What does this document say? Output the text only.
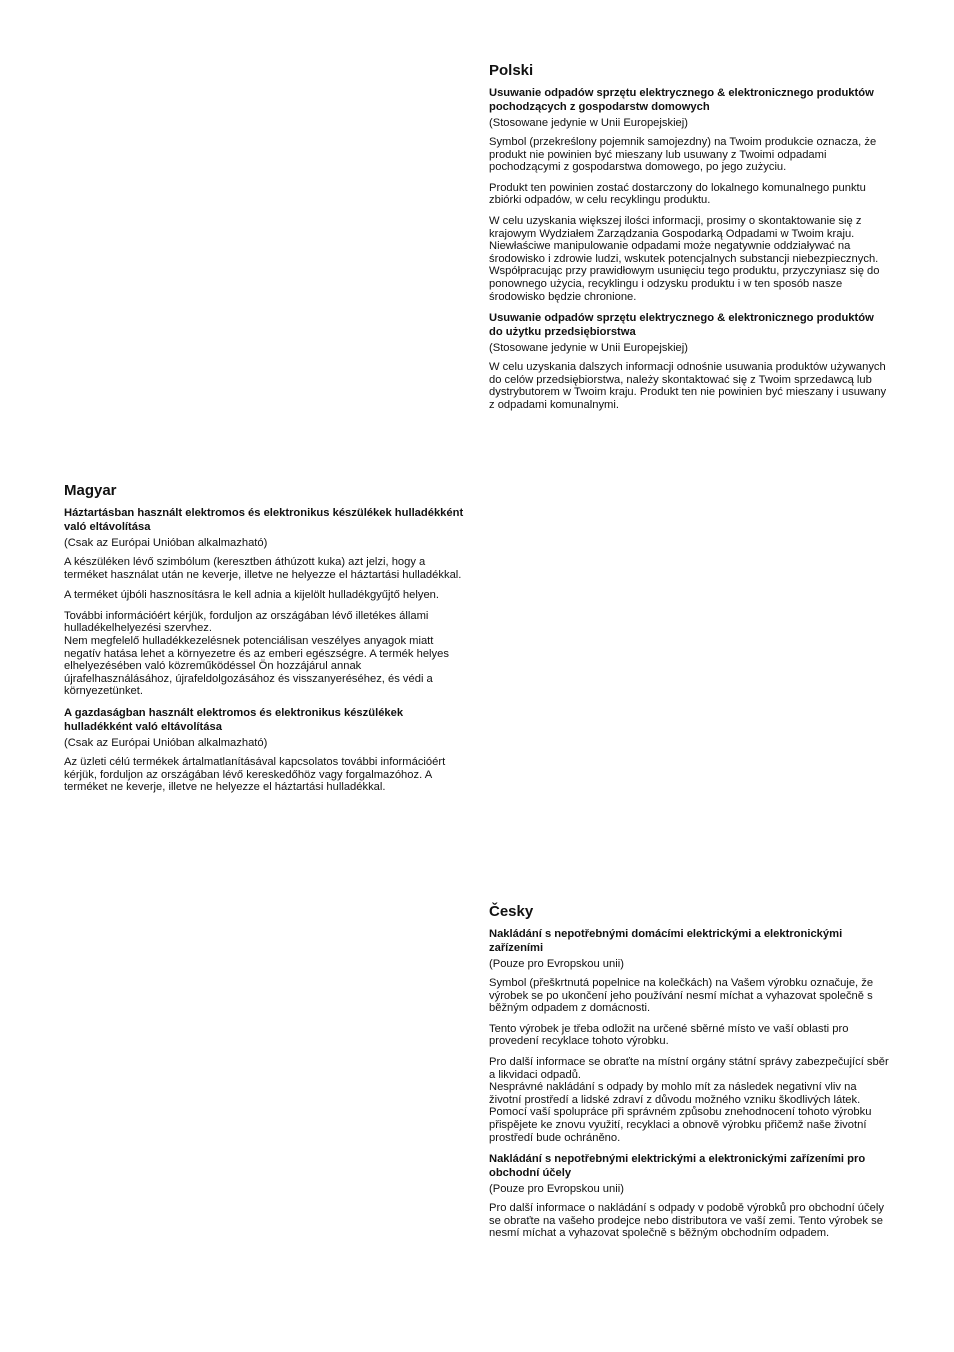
Polski
Usuwanie odpadów sprzętu elektrycznego & elektronicznego produktów pochodzących z gospodarstw domowych
(Stosowane jedynie w Unii Europejskiej)
Symbol (przekreślony pojemnik samojezdny) na Twoim produkcie oznacza, że produkt nie powinien być mieszany lub usuwany z Twoimi odpadami pochodzącymi z gospodarstwa domowego, po jego zużyciu.
Produkt ten powinien zostać dostarczony do lokalnego komunalnego punktu zbiórki odpadów, w celu recyklingu produktu.
W celu uzyskania większej ilości informacji, prosimy o skontaktowanie się z krajowym Wydziałem Zarządzania Gospodarką Odpadami w Twoim kraju. Niewłaściwe manipulowanie odpadami może negatywnie oddziaływać na środowisko i zdrowie ludzi, wskutek potencjalnych substancji niebezpiecznych.
Współpracując przy prawidłowym usunięciu tego produktu, przyczyniasz się do ponownego użycia, recyklingu i odzysku produktu i w ten sposób nasze środowisko będzie chronione.
Usuwanie odpadów sprzętu elektrycznego & elektronicznego produktów do użytku przedsiębiorstwa
(Stosowane jedynie w Unii Europejskiej)
W celu uzyskania dalszych informacji odnośnie usuwania produktów używanych do celów przedsiębiorstwa, należy skontaktować się z Twoim sprzedawcą lub dystrybutorem w Twoim kraju. Produkt ten nie powinien być mieszany i usuwany z odpadami komunalnymi.
Magyar
Háztartásban használt elektromos és elektronikus készülékek hulladékként való eltávolítása
(Csak az Európai Unióban alkalmazható)
A készüléken lévő szimbólum (keresztben áthúzott kuka) azt jelzi, hogy a terméket használat után ne keverje, illetve ne helyezze el háztartási hulladékkal.
A terméket újbóli hasznosításra le kell adnia a kijelölt hulladékgyűjtő helyen.
További információért kérjük, forduljon az országában lévő illetékes állami hulladékelhelyezési szervhez.
Nem megfelelő hulladékkezelésnek potenciálisan veszélyes anyagok miatt negatív hatása lehet a környezetre és az emberi egészségre. A termék helyes elhelyezésében való közreműködéssel Ön hozzájárul annak újrafelhasználásához, újrafeldolgozásához és visszanyeréséhez, és védi a környezetünket.
A gazdaságban használt elektromos és elektronikus készülékek hulladékként való eltávolítása
(Csak az Európai Unióban alkalmazható)
Az üzleti célú termékek ártalmatlanításával kapcsolatos további információért kérjük, forduljon az országában lévő kereskedőhöz vagy forgalmazóhoz. A terméket ne keverje, illetve ne helyezze el háztartási hulladékkal.
Česky
Nakládání s nepotřebnými domácími elektrickými a elektronickými zařízeními
(Pouze pro Evropskou unii)
Symbol (přeškrtnutá popelnice na kolečkách) na Vašem výrobku označuje, že výrobek se po ukončení jeho používání nesmí míchat a vyhazovat společně s běžným odpadem z domácnosti.
Tento výrobek je třeba odložit na určené sběrné místo ve vaší oblasti pro provedení recyklace tohoto výrobku.
Pro další informace se obraťte na místní orgány státní správy zabezpečující sběr a likvidaci odpadů.
Nesprávné nakládání s odpady by mohlo mít za následek negativní vliv na životní prostředí a lidské zdraví z důvodu možného vzniku škodlivých látek. Pomocí vaší spolupráce při správném způsobu znehodnocení tohoto výrobku přispějete ke znovu využití, recyklaci a obnově výrobku přičemž naše životní prostředí bude ochráněno.
Nakládání s nepotřebnými elektrickými a elektronickými zařízeními pro obchodní účely
(Pouze pro Evropskou unii)
Pro další informace o nakládání s odpady v podobě výrobků pro obchodní účely se obraťte na vašeho prodejce nebo distributora ve vaší zemi. Tento výrobek se nesmí míchat a vyhazovat společně s běžným obchodním odpadem.
